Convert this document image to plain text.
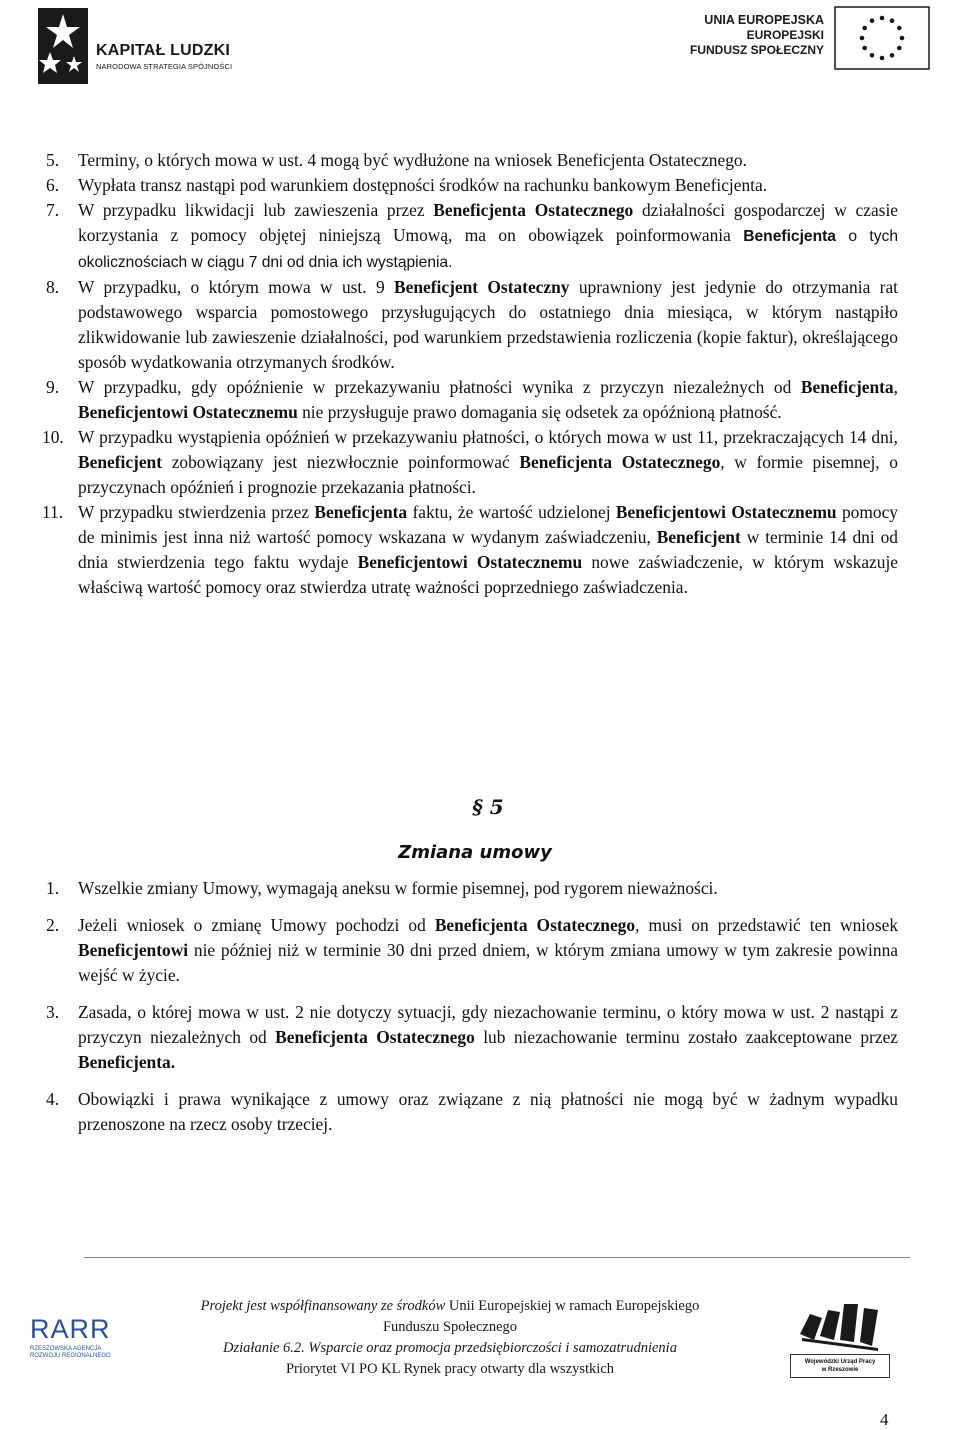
KAPITAŁ LUDZKI
NARODOWA STRATEGIA SPÓJNOŚCI
UNIA EUROPEJSKA
EUROPEJSKI
FUNDUSZ SPOŁECZNY
5. Terminy, o których mowa w ust. 4 mogą być wydłużone na wniosek Beneficjenta Ostatecznego.
6. Wypłata transz nastąpi pod warunkiem dostępności środków na rachunku bankowym Beneficjenta.
7. W przypadku likwidacji lub zawieszenia przez Beneficjenta Ostatecznego działalności gospodarczej w czasie korzystania z pomocy objętej niniejszą Umową, ma on obowiązek poinformowania Beneficjenta o tych okolicznościach w ciągu 7 dni od dnia ich wystąpienia.
8. W przypadku, o którym mowa w ust. 9 Beneficjent Ostateczny uprawniony jest jedynie do otrzymania rat podstawowego wsparcia pomostowego przysługujących do ostatniego dnia miesiąca, w którym nastąpiło zlikwidowanie lub zawieszenie działalności, pod warunkiem przedstawienia rozliczenia (kopie faktur), określającego sposób wydatkowania otrzymanych środków.
9. W przypadku, gdy opóźnienie w przekazywaniu płatności wynika z przyczyn niezależnych od Beneficjenta, Beneficjentowi Ostatecznemu nie przysługuje prawo domagania się odsetek za opóźnioną płatność.
10. W przypadku wystąpienia opóźnień w przekazywaniu płatności, o których mowa w ust 11, przekraczających 14 dni, Beneficjent zobowiązany jest niezwłocznie poinformować Beneficjenta Ostatecznego, w formie pisemnej, o przyczynach opóźnień i prognozie przekazania płatności.
11. W przypadku stwierdzenia przez Beneficjenta faktu, że wartość udzielonej Beneficjentowi Ostatecznemu pomocy de minimis jest inna niż wartość pomocy wskazana w wydanym zaświadczeniu, Beneficjent w terminie 14 dni od dnia stwierdzenia tego faktu wydaje Beneficjentowi Ostatecznemu nowe zaświadczenie, w którym wskazuje właściwą wartość pomocy oraz stwierdza utratę ważności poprzedniego zaświadczenia.
§ 5
Zmiana umowy
1. Wszelkie zmiany Umowy, wymagają aneksu w formie pisemnej, pod rygorem nieważności.
2. Jeżeli wniosek o zmianę Umowy pochodzi od Beneficjenta Ostatecznego, musi on przedstawić ten wniosek Beneficjentowi nie później niż w terminie 30 dni przed dniem, w którym zmiana umowy w tym zakresie powinna wejść w życie.
3. Zasada, o której mowa w ust. 2 nie dotyczy sytuacji, gdy niezachowanie terminu, o który mowa w ust. 2 nastąpi z przyczyn niezależnych od Beneficjenta Ostatecznego lub niezachowanie terminu zostało zaakceptowane przez Beneficjenta.
4. Obowiązki i prawa wynikające z umowy oraz związane z nią płatności nie mogą być w żadnym wypadku przenoszone na rzecz osoby trzeciej.
RARR
RZESZOWSKA AGENCJA
ROZWOJU REGIONALNEGO
Projekt jest współfinansowany ze środków Unii Europejskiej w ramach Europejskiego
Funduszu Społecznego
Działanie 6.2. Wsparcie oraz promocja przedsiębiorczości i samozatrudnienia
Priorytet VI PO KL Rynek pracy otwarty dla wszystkich	Wojewódzki Urząd Pracy
w Rzeszowie
4
